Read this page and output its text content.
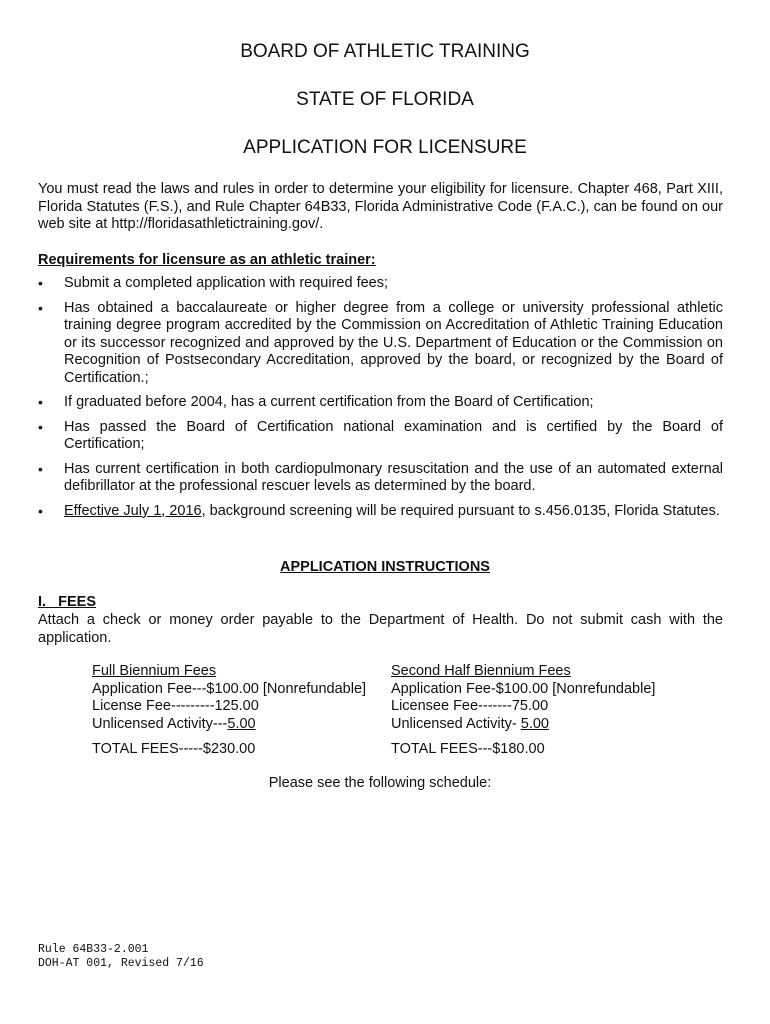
BOARD OF ATHLETIC TRAINING
STATE OF FLORIDA
APPLICATION FOR LICENSURE
You must read the laws and rules in order to determine your eligibility for licensure. Chapter 468, Part XIII, Florida Statutes (F.S.), and Rule Chapter 64B33, Florida Administrative Code (F.A.C.), can be found on our web site at http://floridasathletictraining.gov/.
Requirements for licensure as an athletic trainer:
• Submit a completed application with required fees;
• Has obtained a baccalaureate or higher degree from a college or university professional athletic training degree program accredited by the Commission on Accreditation of Athletic Training Education or its successor recognized and approved by the U.S. Department of Education or the Commission on Recognition of Postsecondary Accreditation, approved by the board, or recognized by the Board of Certification.;
• If graduated before 2004, has a current certification from the Board of Certification;
• Has passed the Board of Certification national examination and is certified by the Board of Certification;
• Has current certification in both cardiopulmonary resuscitation and the use of an automated external defibrillator at the professional rescuer levels as determined by the board.
• Effective July 1, 2016, background screening will be required pursuant to s.456.0135, Florida Statutes.
APPLICATION INSTRUCTIONS
I.   FEES
Attach a check or money order payable to the Department of Health. Do not submit cash with the application.
Full Biennium Fees
Application Fee---$100.00 [Nonrefundable]
License Fee---------125.00
Unlicensed Activity---5.00
TOTAL FEES-----$230.00
Second Half Biennium Fees
Application Fee-$100.00 [Nonrefundable]
Licensee Fee-------75.00
Unlicensed Activity- 5.00
TOTAL FEES---$180.00
Please see the following schedule:
Rule 64B33-2.001
DOH-AT 001, Revised 7/16
